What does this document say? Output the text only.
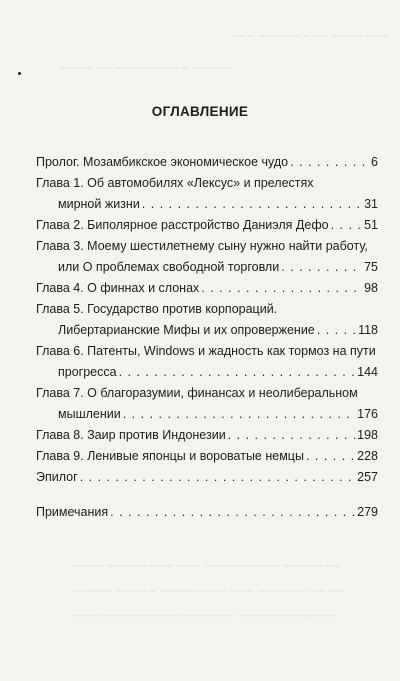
∼∼∼ ∼∼∼∼∼ ∼∼∼ ∼∼∼∼∼∼∼
∼∼∼∼ ∼∼∼∼∼∼∼∼∼∼∼ ∼∼∼∼∼
∼∼∼∼ ∼∼∼∼∼∼∼∼ ∼∼∼ ∼∼∼∼∼∼∼∼∼ ∼∼∼∼∼∼∼
∼∼∼∼∼ ∼∼∼∼∼ ∼∼∼∼∼∼∼∼ ∼∼∼ ∼∼∼∼∼∼ ∼∼∼∼
∼∼∼ ∼∼∼∼∼∼∼∼∼∼ ∼∼∼∼∼∼ ∼∼∼∼∼∼∼∼∼∼∼∼
ОГЛАВЛЕНИЕ
Пролог. Мозамбикское экономическое чудо . . .	6
Глава 1. Об автомобилях «Лексус» и прелестях
мирной жизни . . .	31
Глава 2. Биполярное расстройство Даниэля Дефо . . .	51
Глава 3. Моему шестилетнему сыну нужно найти работу,
или О проблемах свободной торговли . . .	75
Глава 4. О финнах и слонах . . .	98
Глава 5. Государство против корпораций.
Либертарианские Мифы и их опровержение . . .	118
Глава 6. Патенты, Windows и жадность как тормоз на пути
прогресса . . .	144
Глава 7. О благоразумии, финансах и неолиберальном
мышлении . . .	176
Глава 8. Заир против Индонезии . . .	198
Глава 9. Ленивые японцы и вороватые немцы . . .	228
Эпилог . . .	257
Примечания . . .	279
